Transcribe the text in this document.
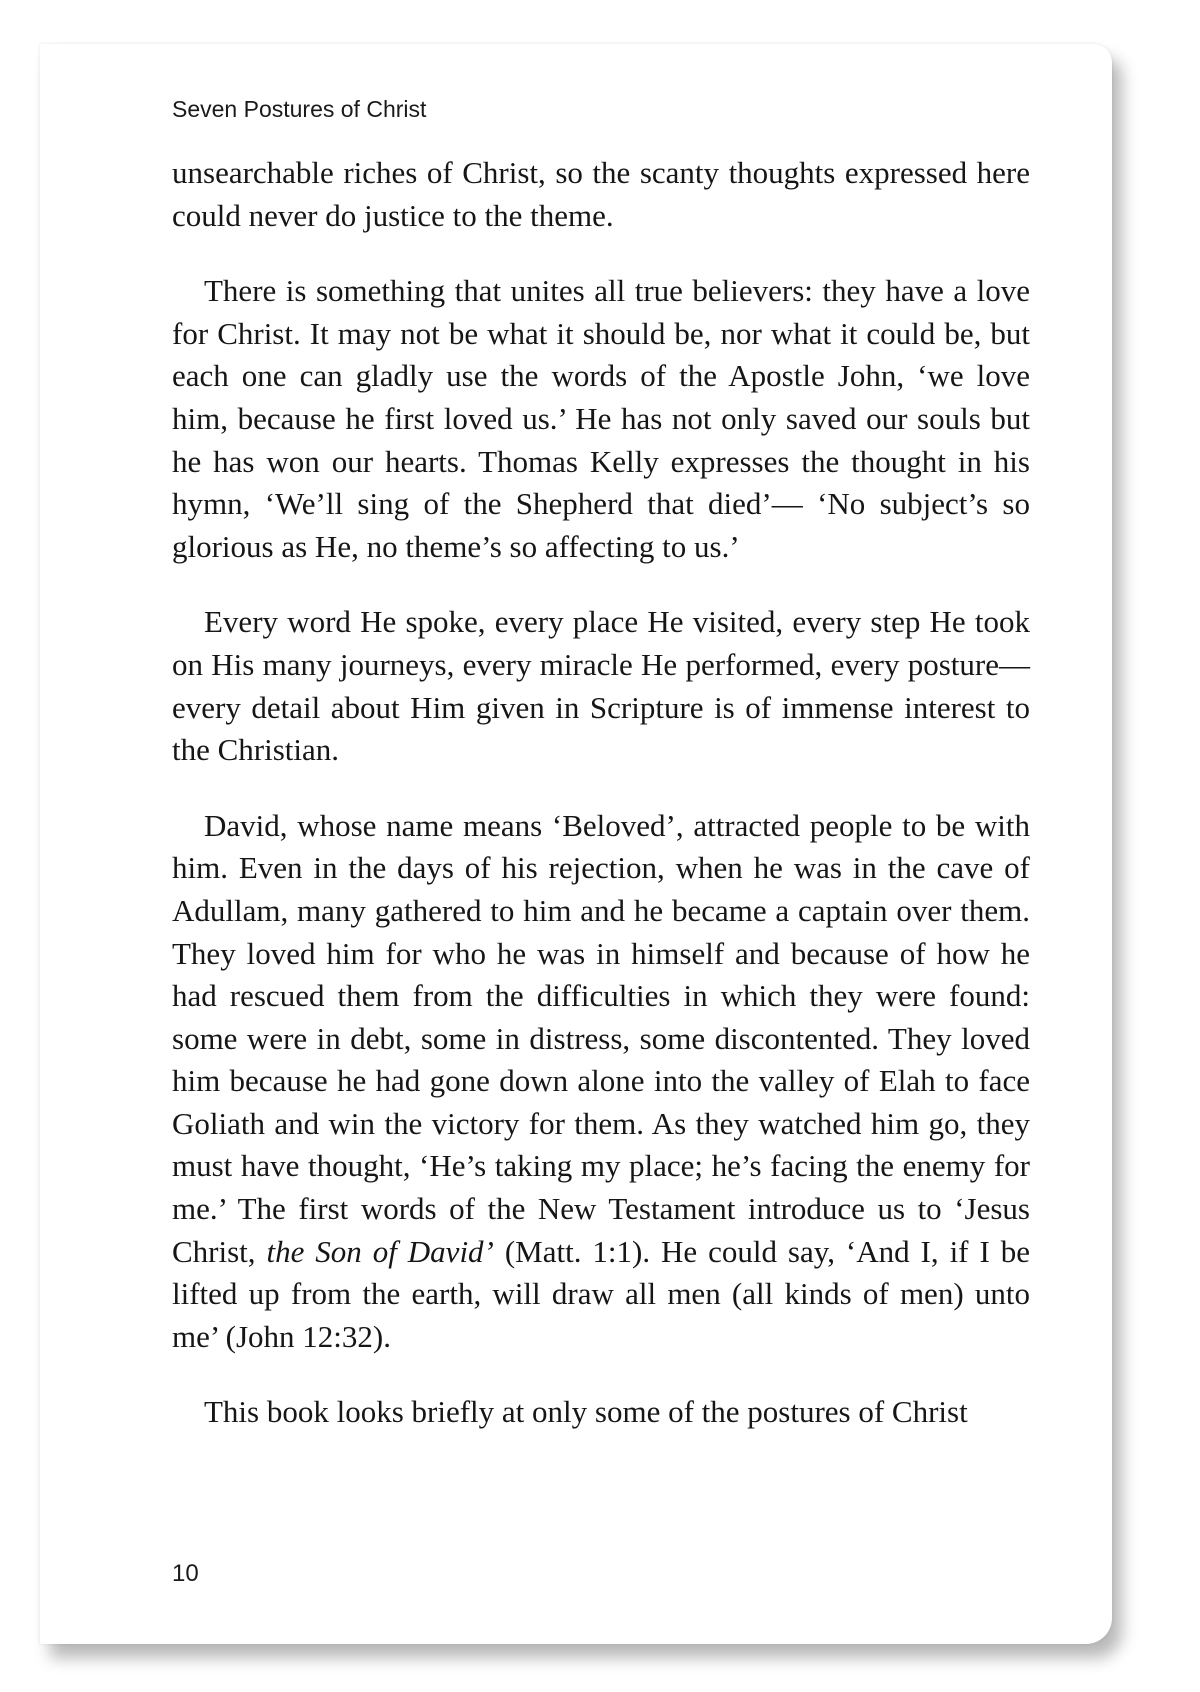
Seven Postures of Christ

unsearchable riches of Christ, so the scanty thoughts expressed here could never do justice to the theme.

There is something that unites all true believers: they have a love for Christ. It may not be what it should be, nor what it could be, but each one can gladly use the words of the Apostle John, ‘we love him, because he first loved us.’ He has not only saved our souls but he has won our hearts. Thomas Kelly expresses the thought in his hymn, ‘We’ll sing of the Shepherd that died’— ‘No subject’s so glorious as He, no theme’s so affecting to us.’

Every word He spoke, every place He visited, every step He took on His many journeys, every miracle He performed, every posture—every detail about Him given in Scripture is of immense interest to the Christian.

David, whose name means ‘Beloved’, attracted people to be with him. Even in the days of his rejection, when he was in the cave of Adullam, many gathered to him and he became a captain over them. They loved him for who he was in himself and because of how he had rescued them from the difficulties in which they were found: some were in debt, some in distress, some discontented. They loved him because he had gone down alone into the valley of Elah to face Goliath and win the victory for them. As they watched him go, they must have thought, ‘He’s taking my place; he’s facing the enemy for me.’ The first words of the New Testament introduce us to ‘Jesus Christ, the Son of David’ (Matt. 1:1). He could say, ‘And I, if I be lifted up from the earth, will draw all men (all kinds of men) unto me’ (John 12:32).

This book looks briefly at only some of the postures of Christ

10
